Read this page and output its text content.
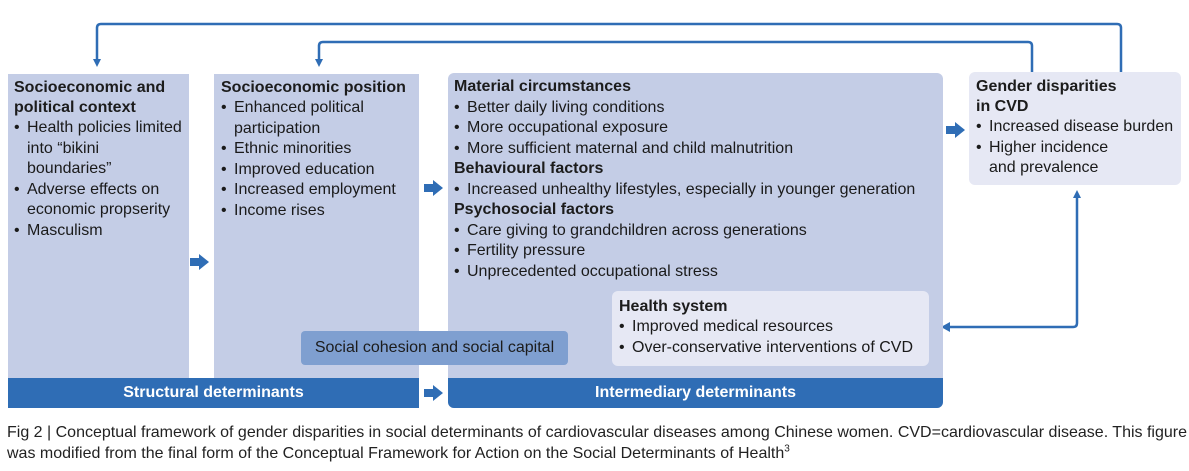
Socioeconomic and political context

• Health policies limited into “bikini boundaries”
• Adverse effects on economic propserity
• Masculism

Socioeconomic position

• Enhanced political participation
• Ethnic minorities
• Improved education
• Increased employment
• Income rises

Material circumstances

• Better daily living conditions
• More occupational exposure
• More sufficient maternal and child malnutrition

Behavioural factors

• Increased unhealthy lifestyles, especially in younger generation

Psychosocial factors

• Care giving to grandchildren across generations
• Fertility pressure
• Unprecedented occupational stress

Health system

• Improved medical resources
• Over-conservative interventions of CVD
Social cohesion and social capital
Structural determinants	Intermediary determinants

Gender disparities
in CVD

• Increased disease burden
• Higher incidence and prevalence

Fig 2 | Conceptual framework of gender disparities in social determinants of cardiovascular diseases among Chinese women. CVD=cardiovascular disease. This figure was modified from the final form of the Conceptual Framework for Action on the Social Determinants of Health$^3$
